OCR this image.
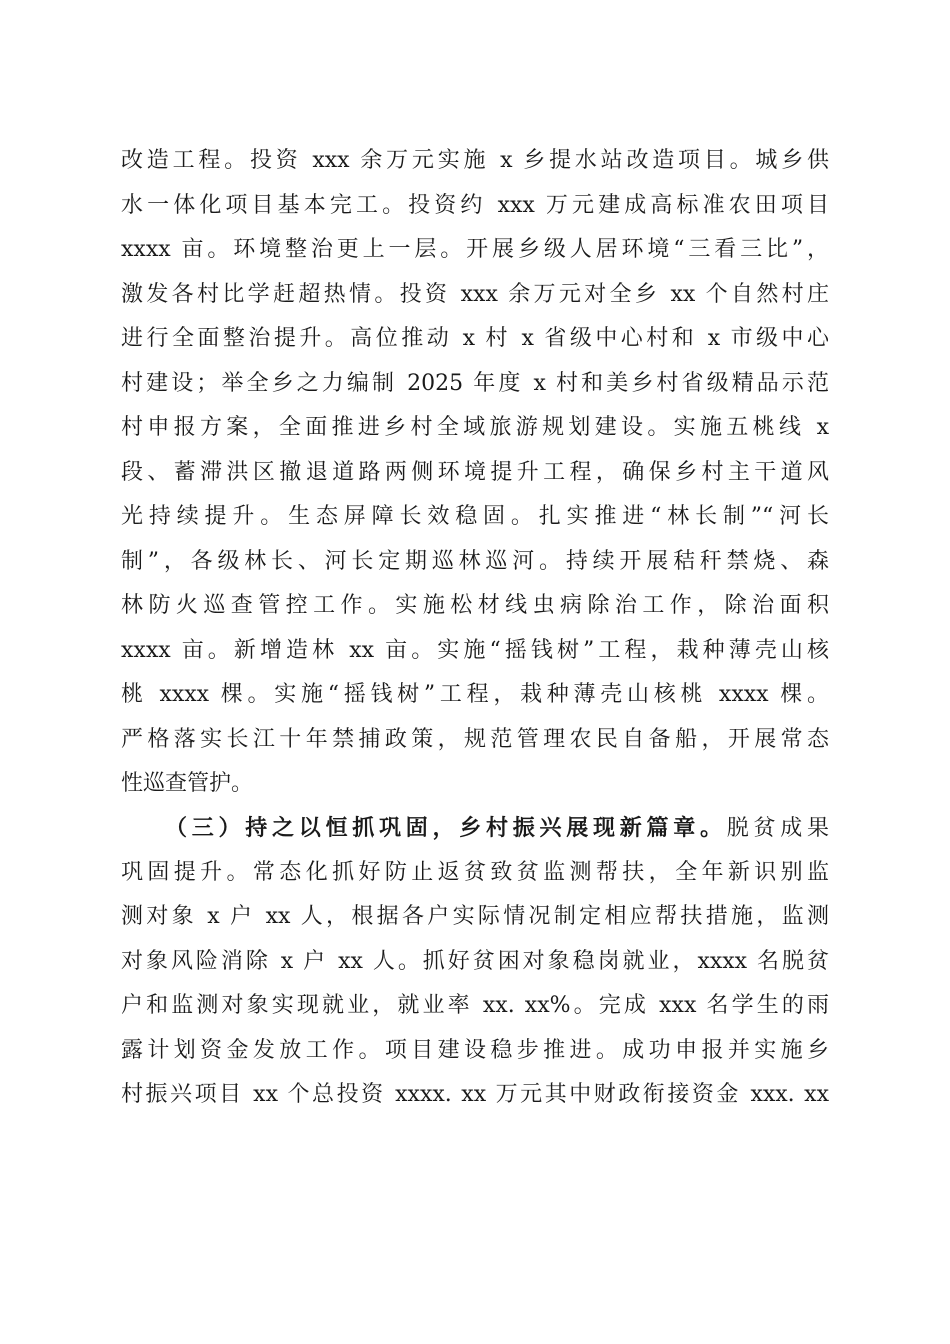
改造工程。投资 xxx 余万元实施 x 乡提水站改造项目。城乡供
水一体化项目基本完工。投资约 xxx 万元建成高标准农田项目
xxxx 亩。环境整治更上一层。开展乡级人居环境“三看三比”，
激发各村比学赶超热情。投资 xxx 余万元对全乡 xx 个自然村庄
进行全面整治提升。高位推动 x 村 x 省级中心村和 x 市级中心
村建设；举全乡之力编制 2025 年度 x 村和美乡村省级精品示范
村申报方案，全面推进乡村全域旅游规划建设。实施五桃线 x
段、蓄滞洪区撤退道路两侧环境提升工程，确保乡村主干道风
光持续提升。生态屏障长效稳固。扎实推进“林长制”“河长
制”，各级林长、河长定期巡林巡河。持续开展秸秆禁烧、森
林防火巡查管控工作。实施松材线虫病除治工作，除治面积
xxxx 亩。新增造林 xx 亩。实施“摇钱树”工程，栽种薄壳山核
桃 xxxx 棵。实施“摇钱树”工程，栽种薄壳山核桃 xxxx 棵。
严格落实长江十年禁捕政策，规范管理农民自备船，开展常态
性巡查管护。
（三）持之以恒抓巩固，乡村振兴展现新篇章。脱贫成果
巩固提升。常态化抓好防止返贫致贫监测帮扶，全年新识别监
测对象 x 户 xx 人，根据各户实际情况制定相应帮扶措施，监测
对象风险消除 x 户 xx 人。抓好贫困对象稳岗就业，xxxx 名脱贫
户和监测对象实现就业，就业率 xx. xx%。完成 xxx 名学生的雨
露计划资金发放工作。项目建设稳步推进。成功申报并实施乡
村振兴项目 xx 个总投资 xxxx. xx 万元其中财政衔接资金 xxx. xx
